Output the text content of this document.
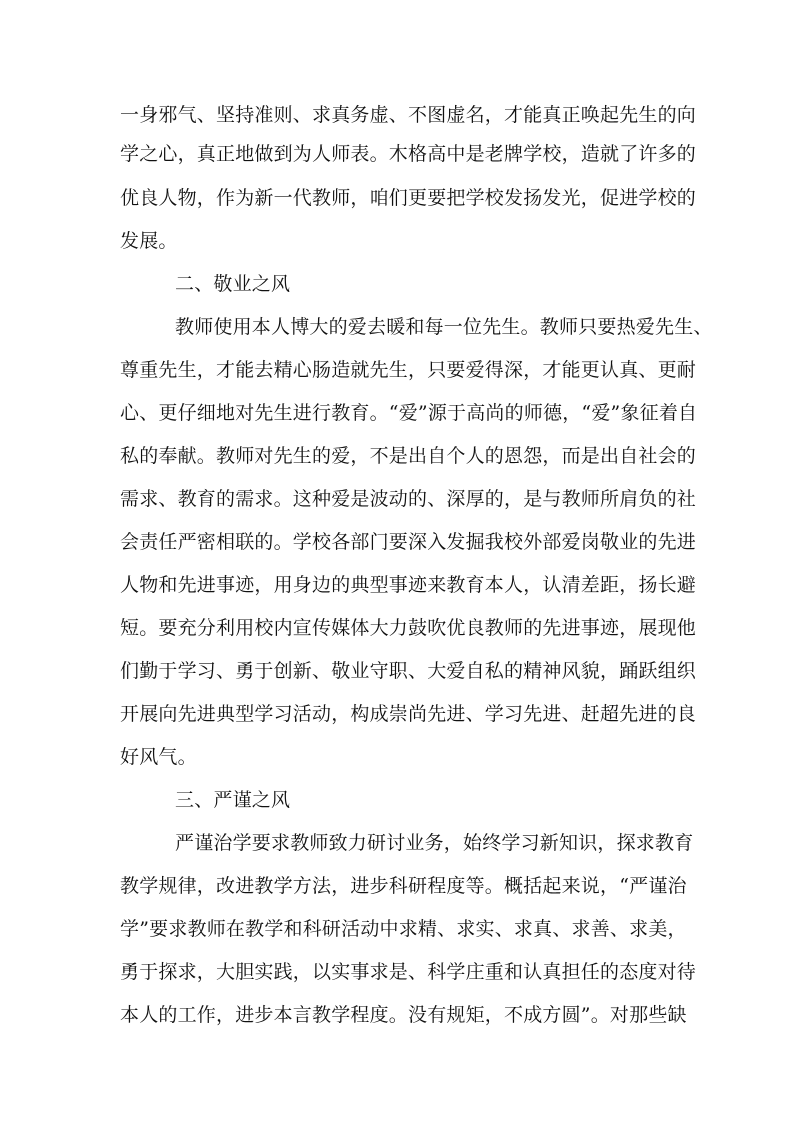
一身邪气、坚持准则、求真务虚、不图虚名，才能真正唤起先生的向
学之心，真正地做到为人师表。木格高中是老牌学校，造就了许多的
优良人物，作为新一代教师，咱们更要把学校发扬发光，促进学校的
发展。
二、敬业之风
教师使用本人博大的爱去暖和每一位先生。教师只要热爱先生、
尊重先生，才能去精心肠造就先生，只要爱得深，才能更认真、更耐
心、更仔细地对先生进行教育。“爱”源于高尚的师德，“爱”象征着自
私的奉献。教师对先生的爱，不是出自个人的恩怨，而是出自社会的
需求、教育的需求。这种爱是波动的、深厚的，是与教师所肩负的社
会责任严密相联的。学校各部门要深入发掘我校外部爱岗敬业的先进
人物和先进事迹，用身边的典型事迹来教育本人，认清差距，扬长避
短。要充分利用校内宣传媒体大力鼓吹优良教师的先进事迹，展现他
们勤于学习、勇于创新、敬业守职、大爱自私的精神风貌，踊跃组织
开展向先进典型学习活动，构成崇尚先进、学习先进、赶超先进的良
好风气。
三、严谨之风
严谨治学要求教师致力研讨业务，始终学习新知识，探求教育
教学规律，改进教学方法，进步科研程度等。概括起来说，“严谨治
学”要求教师在教学和科研活动中求精、求实、求真、求善、求美，
勇于探求，大胆实践，以实事求是、科学庄重和认真担任的态度对待
本人的工作，进步本言教学程度。没有规矩，不成方圆”。对那些缺
